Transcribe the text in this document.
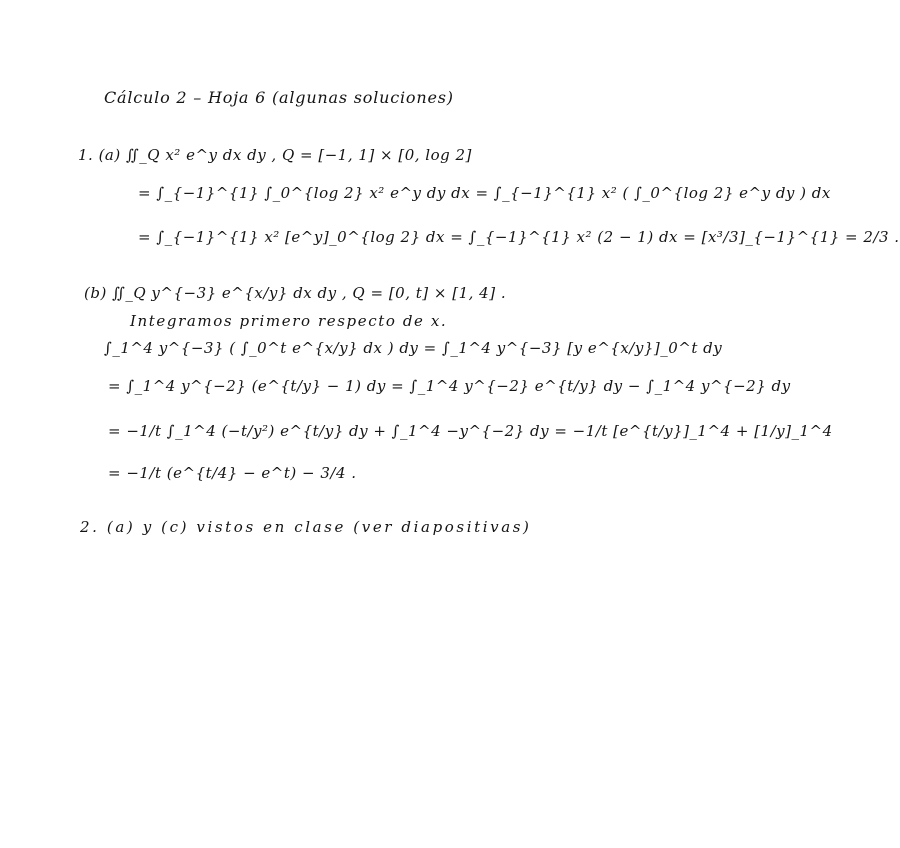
Cálculo 2 – Hoja 6 (algunas soluciones)
1. (a) ∬_Q x² e^y dx dy , Q = [−1, 1] × [0, log 2]
= ∫_{−1}^{1} ∫_0^{log 2} x² e^y dy dx = ∫_{−1}^{1} x² ( ∫_0^{log 2} e^y dy ) dx
= ∫_{−1}^{1} x² [e^y]_0^{log 2} dx = ∫_{−1}^{1} x² (2 − 1) dx = [x³/3]_{−1}^{1} = 2/3 .
(b) ∬_Q y^{−3} e^{x/y} dx dy , Q = [0, t] × [1, 4] .
Integramos primero respecto de x.
∫_1^4 y^{−3} ( ∫_0^t e^{x/y} dx ) dy = ∫_1^4 y^{−3} [y e^{x/y}]_0^t dy
= ∫_1^4 y^{−2} (e^{t/y} − 1) dy = ∫_1^4 y^{−2} e^{t/y} dy − ∫_1^4 y^{−2} dy
= −1/t ∫_1^4 (−t/y²) e^{t/y} dy + ∫_1^4 −y^{−2} dy = −1/t [e^{t/y}]_1^4 + [1/y]_1^4
= −1/t (e^{t/4} − e^t) − 3/4 .
2. (a) y (c) vistos en clase (ver diapositivas)
